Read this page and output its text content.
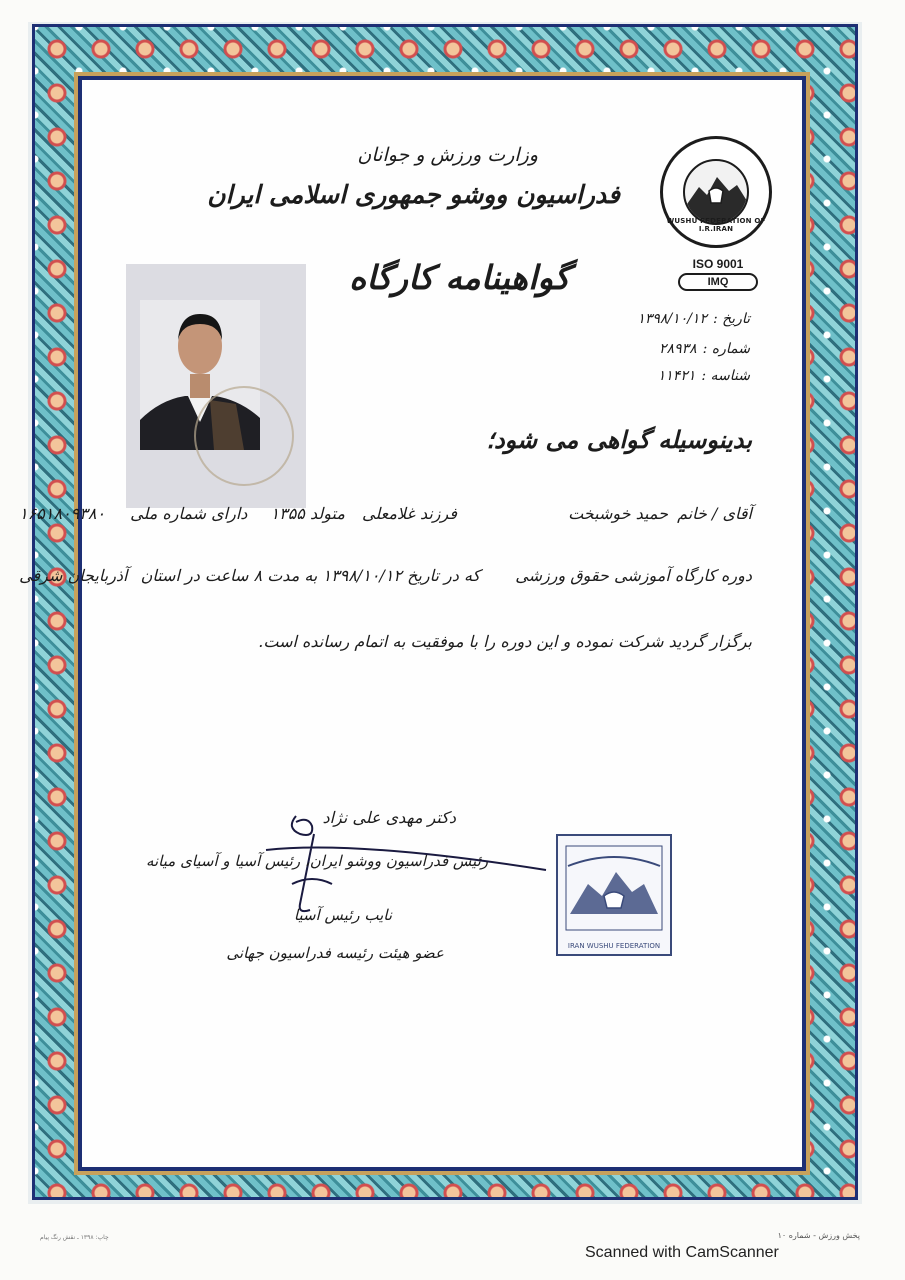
وزارت ورزش و جوانان
فدراسیون ووشو جمهوری اسلامی ایران
گواهینامه کارگاه
WUSHU FEDERATION OF I.R.IRAN
ISO 9001
IMQ
تاریخ :۱۳۹۸/۱۰/۱۲
شماره :۲۸۹۳۸
شناسه :۱۱۴۲۱
بدینوسیله گواهی می شود؛
آقای / خانم حمید خوشبخت فرزند غلامعلی متولد ۱۳۵۵ دارای شماره ملی ۱۶۵۱۸۰۹۳۸۰
دوره کارگاه آموزشی حقوق ورزشی که در تاریخ ۱۳۹۸/۱۰/۱۲ به مدت ۸ ساعت در استان آذربایجان شرقی
برگزار گردید شرکت نموده و این دوره را با موفقیت به اتمام رسانده است.
دکتر مهدی علی نژاد
رئیس فدراسیون ووشو ایران، رئیس آسیا و آسیای میانه
نایب رئیس آسیا
عضو هیئت رئیسه فدراسیون جهانی	IRAN WUSHU FEDERATION
چاپ: ۱۳۹۸ ـ نقش رنگ پیام	پخش ورزش - شماره ۱۰
Scanned with CamScanner
